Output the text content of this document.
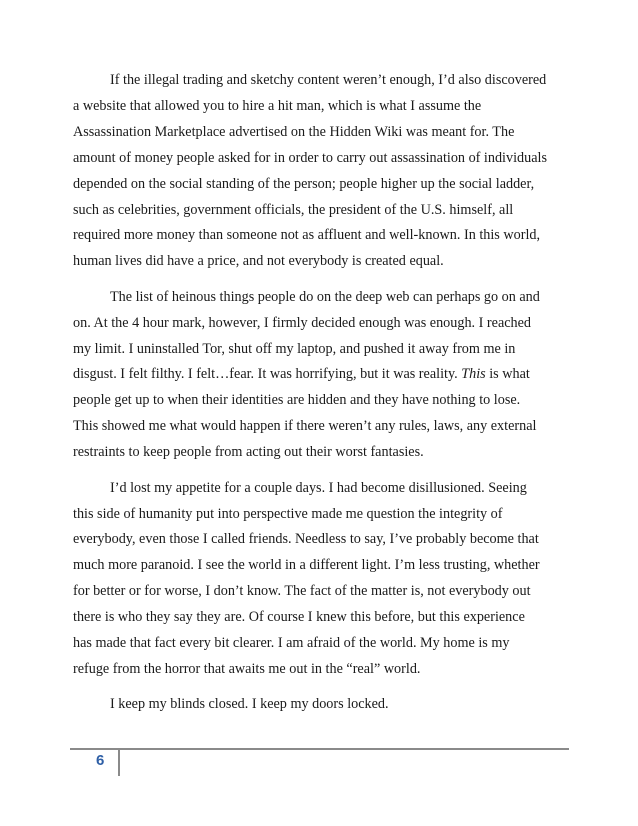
If the illegal trading and sketchy content weren’t enough, I’d also discovered
a website that allowed you to hire a hit man, which is what I assume the
Assassination Marketplace advertised on the Hidden Wiki was meant for. The
amount of money people asked for in order to carry out assassination of individuals
depended on the social standing of the person; people higher up the social ladder,
such as celebrities, government officials, the president of the U.S. himself, all
required more money than someone not as affluent and well-known. In this world,
human lives did have a price, and not everybody is created equal.

The list of heinous things people do on the deep web can perhaps go on and
on. At the 4 hour mark, however, I firmly decided enough was enough. I reached
my limit. I uninstalled Tor, shut off my laptop, and pushed it away from me in
disgust. I felt filthy. I felt…fear. It was horrifying, but it was reality. This is what
people get up to when their identities are hidden and they have nothing to lose.
This showed me what would happen if there weren’t any rules, laws, any external
restraints to keep people from acting out their worst fantasies.

I’d lost my appetite for a couple days. I had become disillusioned. Seeing
this side of humanity put into perspective made me question the integrity of
everybody, even those I called friends. Needless to say, I’ve probably become that
much more paranoid. I see the world in a different light. I’m less trusting, whether
for better or for worse, I don’t know. The fact of the matter is, not everybody out
there is who they say they are. Of course I knew this before, but this experience
has made that fact every bit clearer. I am afraid of the world. My home is my
refuge from the horror that awaits me out in the “real” world.

I keep my blinds closed. I keep my doors locked.

6
